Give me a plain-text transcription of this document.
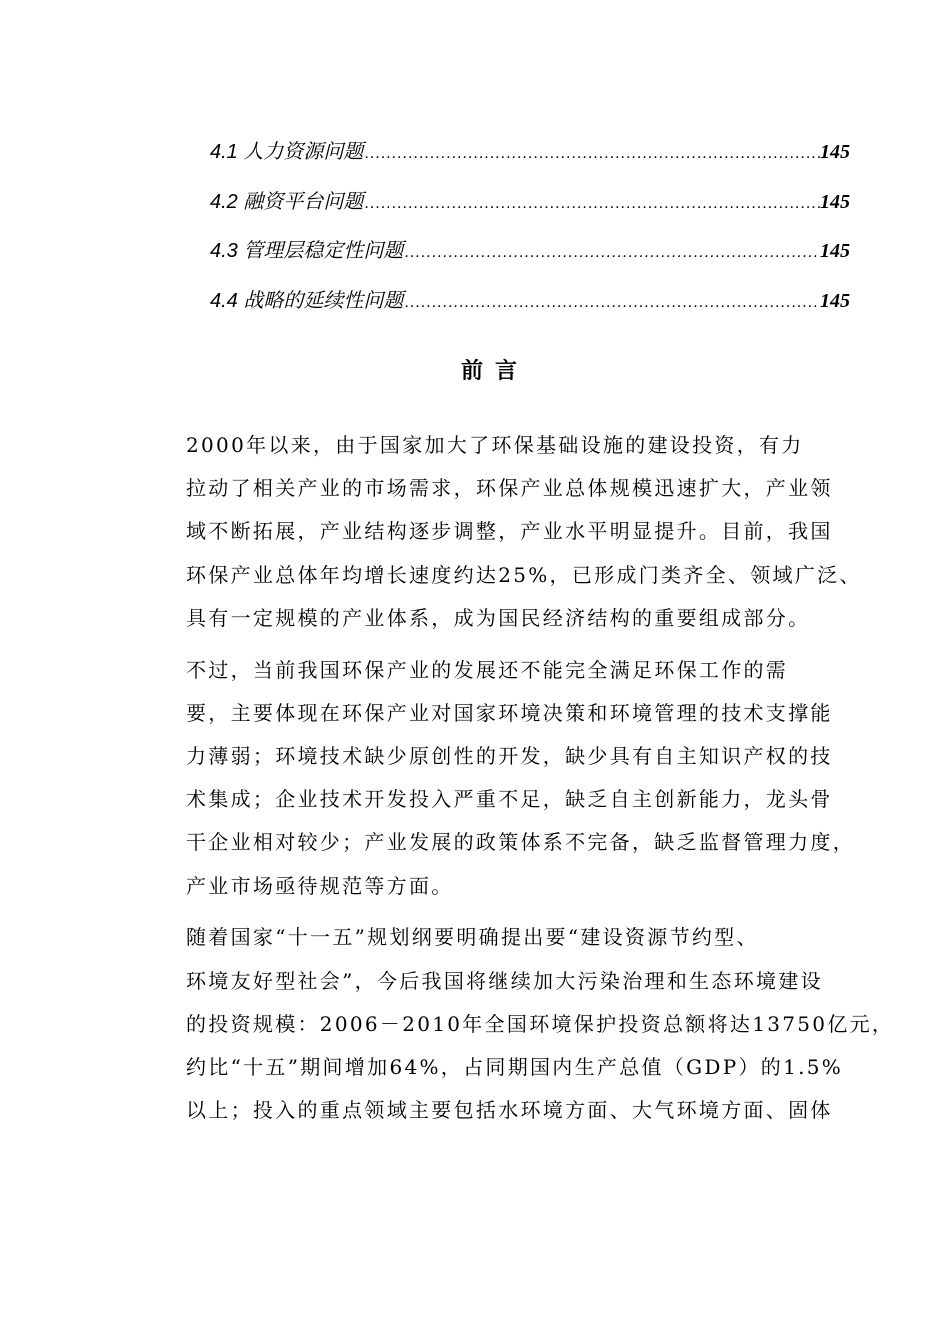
4.1 人力资源问题 .....	145
4.2 融资平台问题 .....	145
4.3 管理层稳定性问题 .....	145
4.4 战略的延续性问题 .....	145
前言
2000年以来，由于国家加大了环保基础设施的建设投资，有力
拉动了相关产业的市场需求，环保产业总体规模迅速扩大，产业领
域不断拓展，产业结构逐步调整，产业水平明显提升。目前，我国
环保产业总体年均增长速度约达25%，已形成门类齐全、领域广泛、
具有一定规模的产业体系，成为国民经济结构的重要组成部分。
不过，当前我国环保产业的发展还不能完全满足环保工作的需
要，主要体现在环保产业对国家环境决策和环境管理的技术支撑能
力薄弱；环境技术缺少原创性的开发，缺少具有自主知识产权的技
术集成；企业技术开发投入严重不足，缺乏自主创新能力，龙头骨
干企业相对较少；产业发展的政策体系不完备，缺乏监督管理力度，
产业市场亟待规范等方面。
随着国家“十一五”规划纲要明确提出要“建设资源节约型、
环境友好型社会”，今后我国将继续加大污染治理和生态环境建设
的投资规模：2006－2010年全国环境保护投资总额将达13750亿元，
约比“十五”期间增加64%，占同期国内生产总值（GDP）的1.5%
以上；投入的重点领域主要包括水环境方面、大气环境方面、固体
